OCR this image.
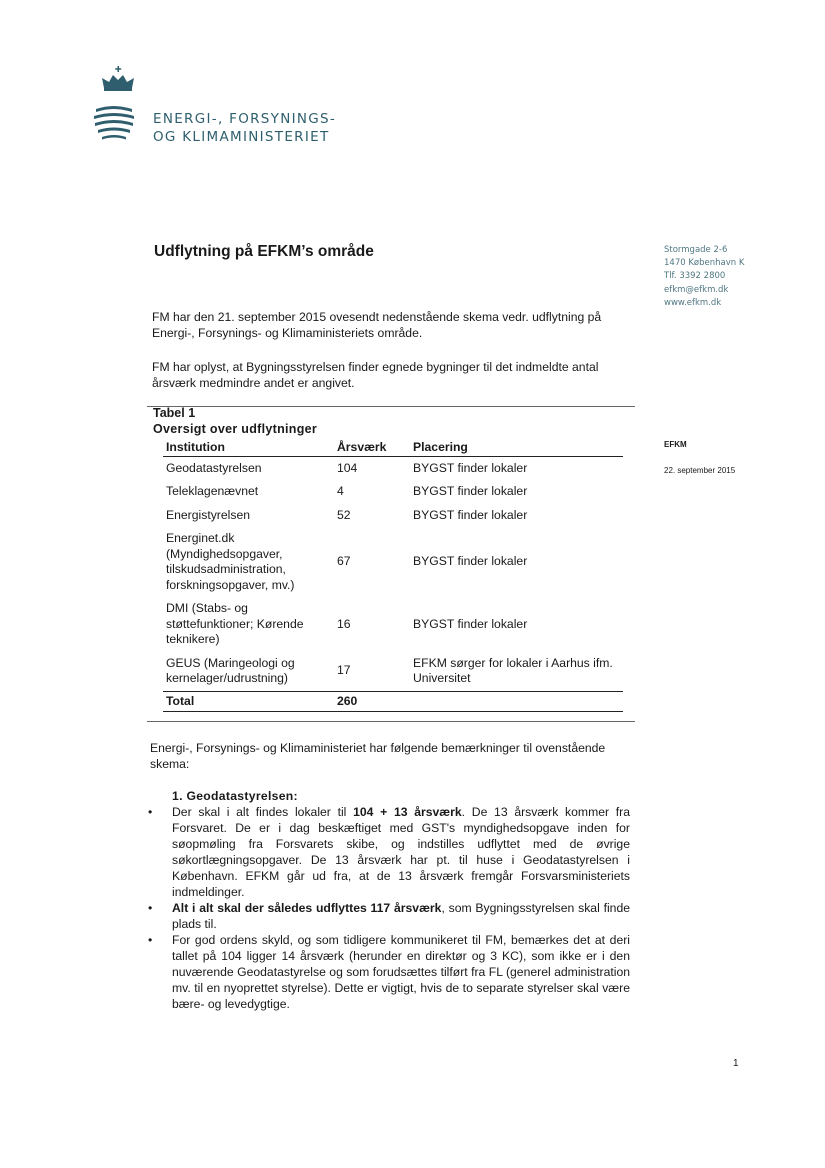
ENERGI-, FORSYNINGS-
OG KLIMAMINISTERIET
Stormgade 2-6
1470 København K
Tlf. 3392 2800
efkm@efkm.dk
www.efkm.dk
EFKM
22. september 2015
Udflytning på EFKM’s område
FM har den 21. september 2015 ovesendt nedenstående skema vedr. udflytning på Energi-, Forsynings- og Klimaministeriets område.
FM har oplyst, at Bygningsstyrelsen finder egnede bygninger til det indmeldte antal årsværk medmindre andet er angivet.
Tabel 1
Oversigt over udflytninger
Institution	Årsværk	Placering
Geodatastyrelsen	104	BYGST finder lokaler
Teleklagenævnet	4	BYGST finder lokaler
Energistyrelsen	52	BYGST finder lokaler
Energinet.dk (Myndighedsopgaver, tilskudsadministration, forskningsopgaver, mv.)	67	BYGST finder lokaler
DMI (Stabs- og støttefunktioner; Kørende teknikere)	16	BYGST finder lokaler
GEUS (Maringeologi og kernelager/udrustning)	17	EFKM sørger for lokaler i Aarhus ifm. Universitet
Total	260	
Energi-, Forsynings- og Klimaministeriet har følgende bemærkninger til ovenstående skema:
1. Geodatastyrelsen:
• Der skal i alt findes lokaler til 104 + 13 årsværk. De 13 årsværk kommer fra Forsvaret. De er i dag beskæftiget med GST's myndighedsopgave inden for søopmøling fra Forsvarets skibe, og indstilles udflyttet med de øvrige søkortlægningsopgaver. De 13 årsværk har pt. til huse i Geodatastyrelsen i København. EFKM går ud fra, at de 13 årsværk fremgår Forsvarsministeriets indmeldinger.
• Alt i alt skal der således udflyttes 117 årsværk, som Bygningsstyrelsen skal finde plads til.
• For god ordens skyld, og som tidligere kommunikeret til FM, bemærkes det at deri tallet på 104 ligger 14 årsværk (herunder en direktør og 3 KC), som ikke er i den nuværende Geodatastyrelse og som forudsættes tilført fra FL (generel administration mv. til en nyoprettet styrelse). Dette er vigtigt, hvis de to separate styrelser skal være bære- og levedygtige.
1
